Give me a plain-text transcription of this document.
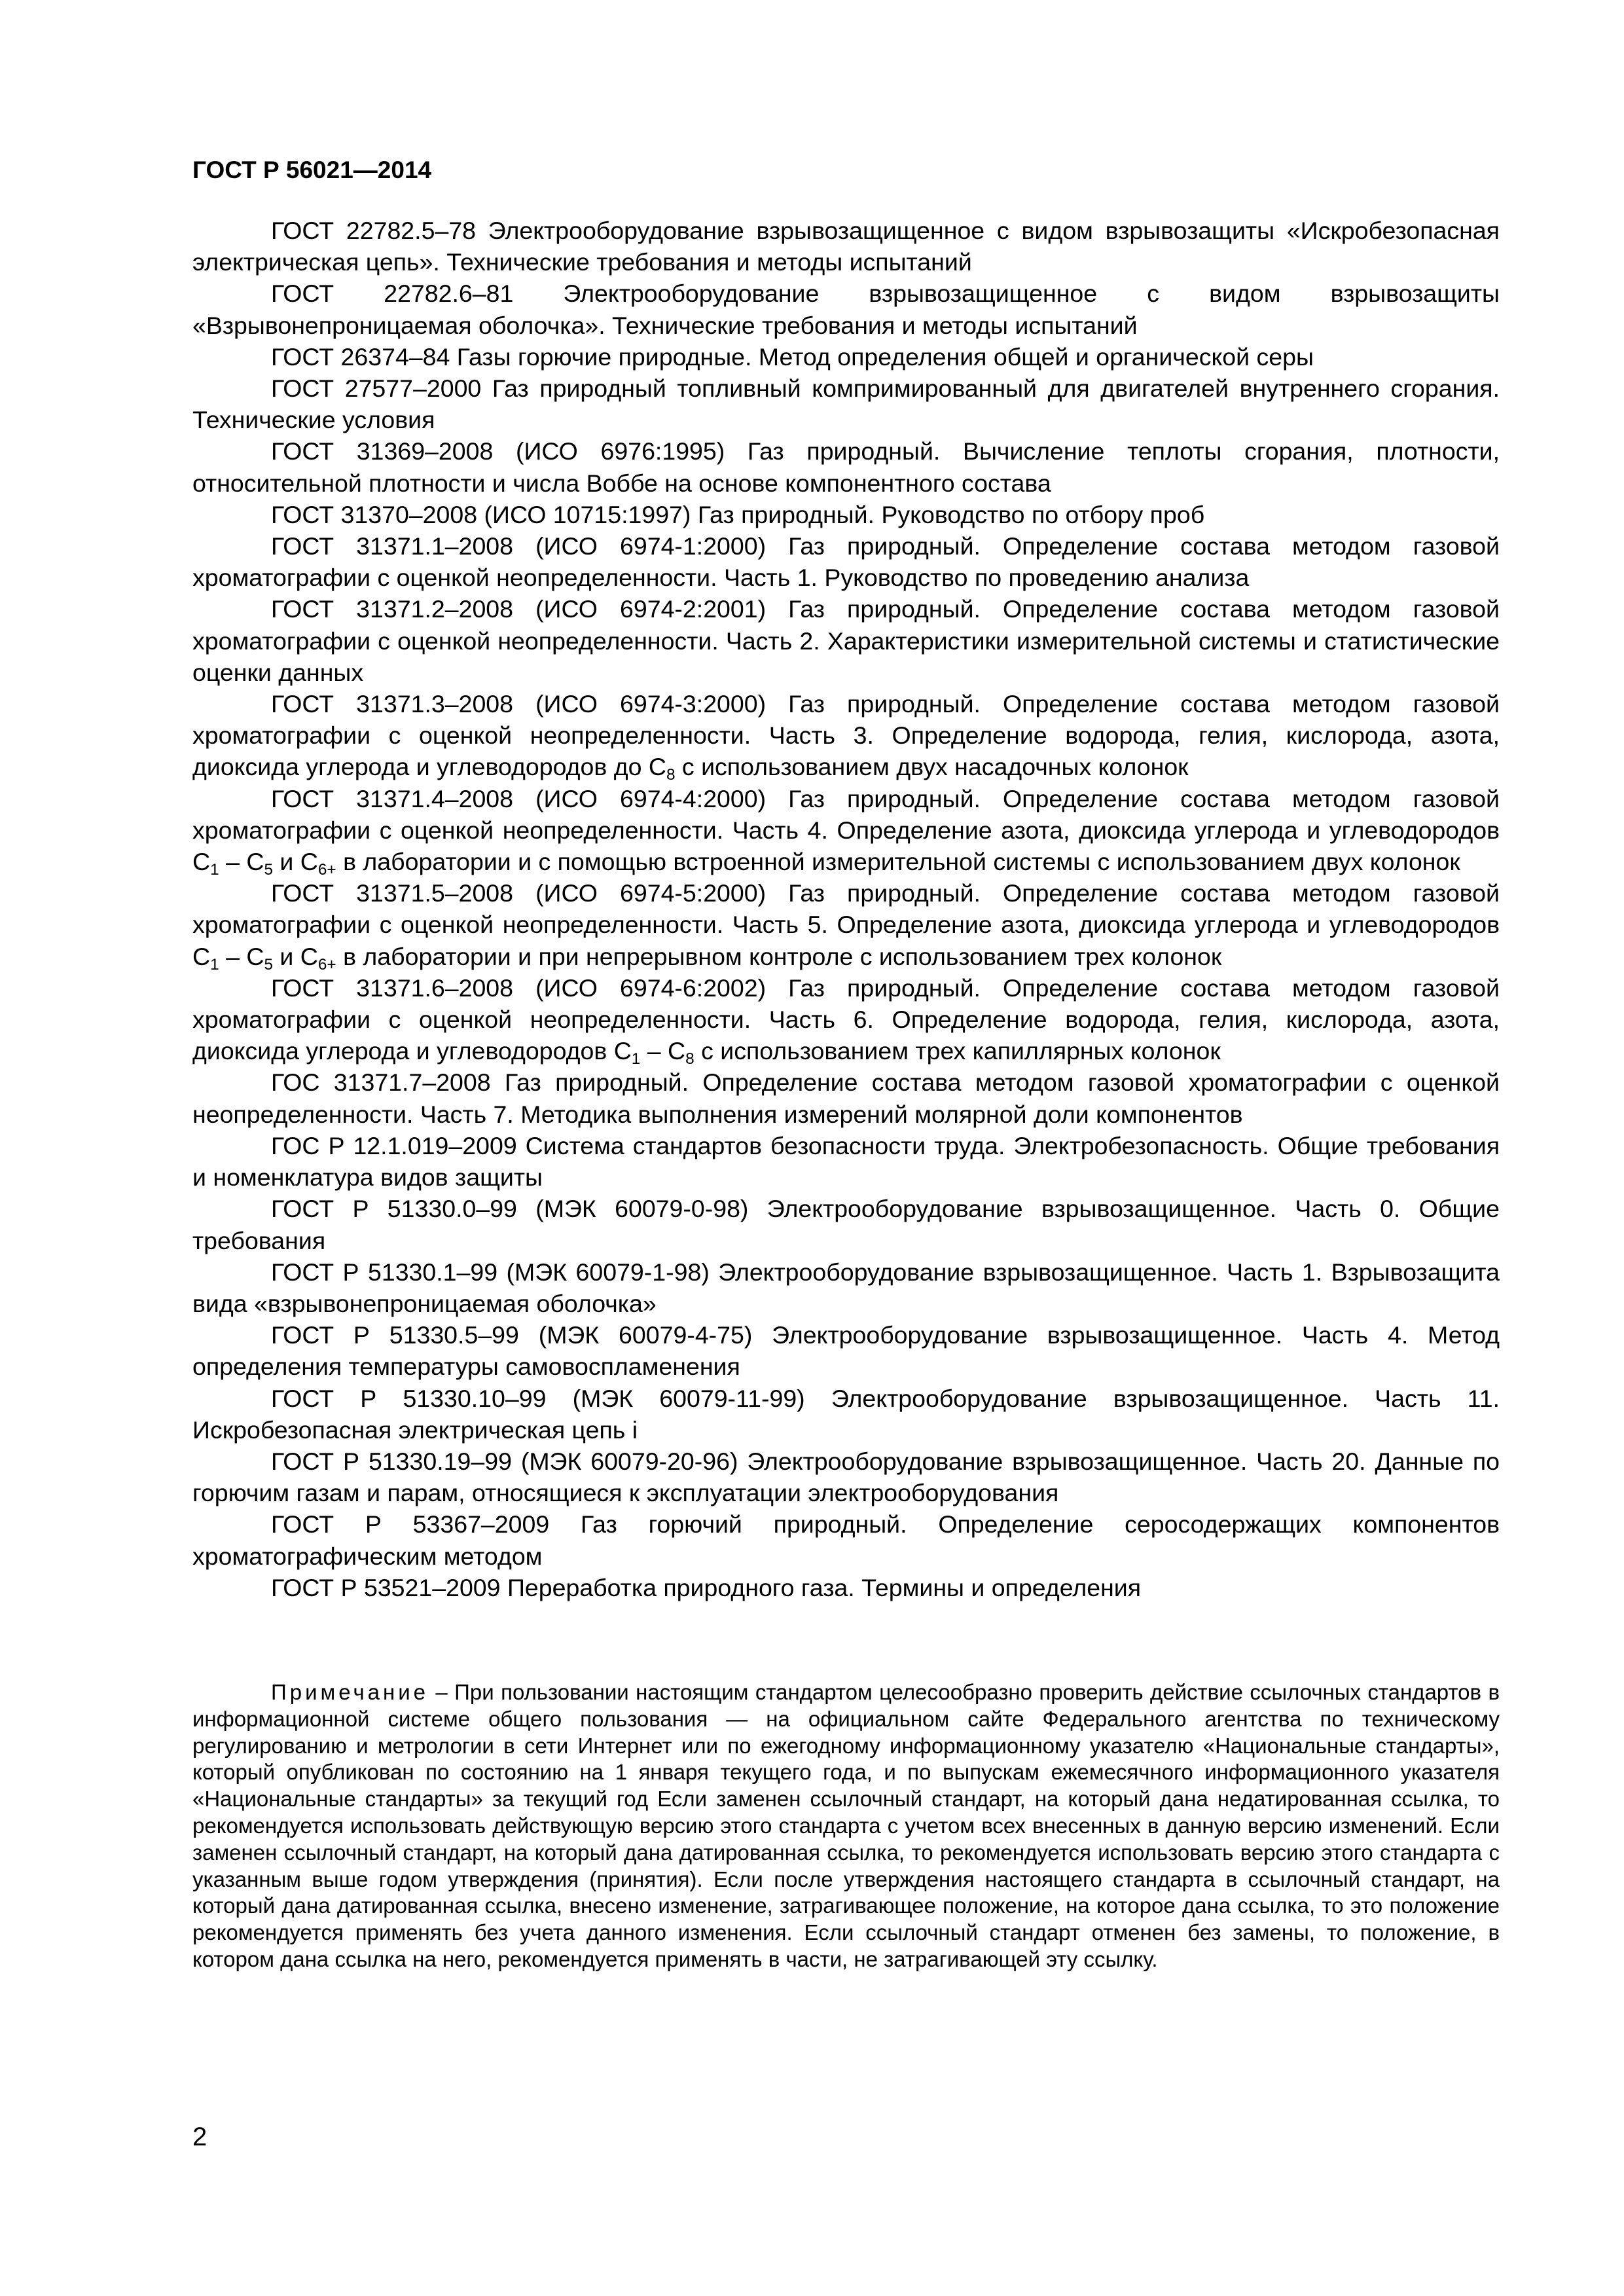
ГОСТ Р 56021—2014

ГОСТ 22782.5–78 Электрооборудование взрывозащищенное с видом взрывозащиты «Искробезопасная электрическая цепь». Технические требования и методы испытаний

ГОСТ 22782.6–81 Электрооборудование взрывозащищенное с видом взрывозащиты «Взрывонепроницаемая оболочка». Технические требования и методы испытаний

ГОСТ 26374–84 Газы горючие природные. Метод определения общей и органической серы

ГОСТ 27577–2000 Газ природный топливный компримированный для двигателей внутреннего сгорания. Технические условия

ГОСТ 31369–2008 (ИСО 6976:1995) Газ природный. Вычисление теплоты сгорания, плотности, относительной плотности и числа Воббе на основе компонентного состава

ГОСТ 31370–2008 (ИСО 10715:1997) Газ природный. Руководство по отбору проб

ГОСТ 31371.1–2008 (ИСО 6974-1:2000) Газ природный. Определение состава методом газовой хроматографии с оценкой неопределенности. Часть 1. Руководство по проведению анализа

ГОСТ 31371.2–2008 (ИСО 6974-2:2001) Газ природный. Определение состава методом газовой хроматографии с оценкой неопределенности. Часть 2. Характеристики измерительной системы и статистические оценки данных

ГОСТ 31371.3–2008 (ИСО 6974-3:2000) Газ природный. Определение состава методом газовой хроматографии с оценкой неопределенности. Часть 3. Определение водорода, гелия, кислорода, азота, диоксида углерода и углеводородов до $С_8$ с использованием двух насадочных колонок

ГОСТ 31371.4–2008 (ИСО 6974-4:2000) Газ природный. Определение состава методом газовой хроматографии с оценкой неопределенности. Часть 4. Определение азота, диоксида углерода и углеводородов $С_1 - С_5$ и $С_{6+}$ в лаборатории и с помощью встроенной измерительной системы с использованием двух колонок

ГОСТ 31371.5–2008 (ИСО 6974-5:2000) Газ природный. Определение состава методом газовой хроматографии с оценкой неопределенности. Часть 5. Определение азота, диоксида углерода и углеводородов $С_1 - С_5$ и $С_{6+}$ в лаборатории и при непрерывном контроле с использованием трех колонок

ГОСТ 31371.6–2008 (ИСО 6974-6:2002) Газ природный. Определение состава методом газовой хроматографии с оценкой неопределенности. Часть 6. Определение водорода, гелия, кислорода, азота, диоксида углерода и углеводородов $С_1 - С_8$ с использованием трех капиллярных колонок

ГОС 31371.7–2008 Газ природный. Определение состава методом газовой хроматографии с оценкой неопределенности. Часть 7. Методика выполнения измерений молярной доли компонентов

ГОС Р 12.1.019–2009 Система стандартов безопасности труда. Электробезопасность. Общие требования и номенклатура видов защиты

ГОСТ Р 51330.0–99 (МЭК 60079-0-98) Электрооборудование взрывозащищенное. Часть 0. Общие требования

ГОСТ Р 51330.1–99 (МЭК 60079-1-98) Электрооборудование взрывозащищенное. Часть 1. Взрывозащита вида «взрывонепроницаемая оболочка»

ГОСТ Р 51330.5–99 (МЭК 60079-4-75) Электрооборудование взрывозащищенное. Часть 4. Метод определения температуры самовоспламенения

ГОСТ Р 51330.10–99 (МЭК 60079-11-99) Электрооборудование взрывозащищенное. Часть 11. Искробезопасная электрическая цепь i

ГОСТ Р 51330.19–99 (МЭК 60079-20-96) Электрооборудование взрывозащищенное. Часть 20. Данные по горючим газам и парам, относящиеся к эксплуатации электрооборудования

ГОСТ Р 53367–2009 Газ горючий природный. Определение серосодержащих компонентов хроматографическим методом

ГОСТ Р 53521–2009 Переработка природного газа. Термины и определения

Примечание – При пользовании настоящим стандартом целесообразно проверить действие ссылочных стандартов в информационной системе общего пользования — на официальном сайте Федерального агентства по техническому регулированию и метрологии в сети Интернет или по ежегодному информационному указателю «Национальные стандарты», который опубликован по состоянию на 1 января текущего года, и по выпускам ежемесячного информационного указателя «Национальные стандарты» за текущий год Если заменен ссылочный стандарт, на который дана недатированная ссылка, то рекомендуется использовать действующую версию этого стандарта с учетом всех внесенных в данную версию изменений. Если заменен ссылочный стандарт, на который дана датированная ссылка, то рекомендуется использовать версию этого стандарта с указанным выше годом утверждения (принятия). Если после утверждения настоящего стандарта в ссылочный стандарт, на который дана датированная ссылка, внесено изменение, затрагивающее положение, на которое дана ссылка, то это положение рекомендуется применять без учета данного изменения. Если ссылочный стандарт отменен без замены, то положение, в котором дана ссылка на него, рекомендуется применять в части, не затрагивающей эту ссылку.
2
